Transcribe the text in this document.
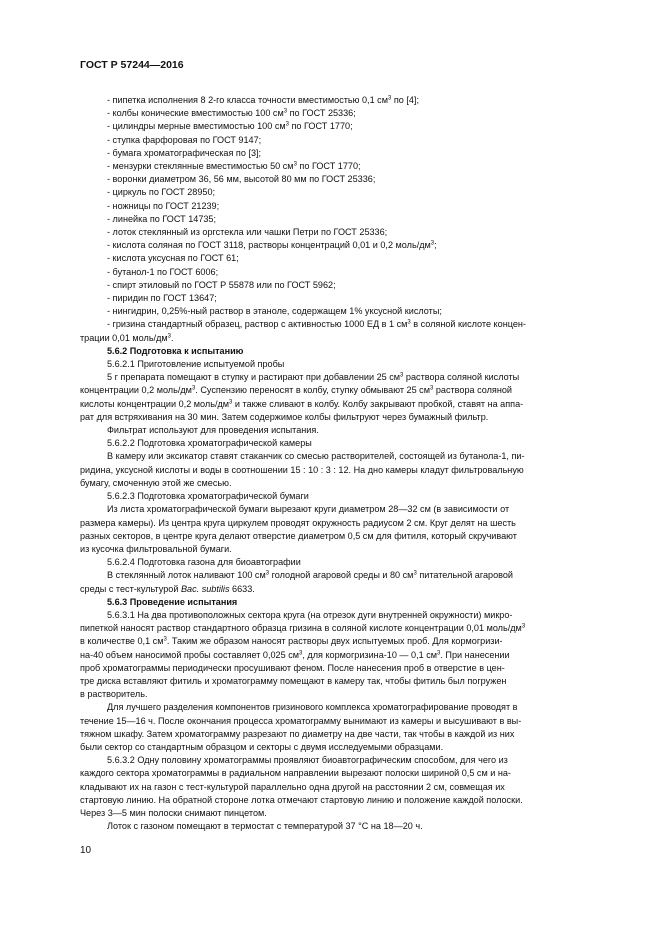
ГОСТ Р 57244—2016

- пипетка исполнения 8 2-го класса точности вместимостью 0,1 $см^3$ по [4];

- колбы конические вместимостью 100 $см^3$ по ГОСТ 25336;

- цилиндры мерные вместимостью 100 $см^3$ по ГОСТ 1770;

- ступка фарфоровая по ГОСТ 9147;

- бумага хроматографическая по [3];

- мензурки стеклянные вместимостью 50 $см^3$ по ГОСТ 1770;

- воронки диаметром 36, 56 мм, высотой 80 мм по ГОСТ 25336;

- циркуль по ГОСТ 28950;

- ножницы по ГОСТ 21239;

- линейка по ГОСТ 14735;

- лоток стеклянный из оргстекла или чашки Петри по ГОСТ 25336;

- кислота соляная по ГОСТ 3118, растворы концентраций 0,01 и 0,2 моль/$дм^3$;

- кислота уксусная по ГОСТ 61;

- бутанол-1 по ГОСТ 6006;

- спирт этиловый по ГОСТ Р 55878 или по ГОСТ 5962;

- пиридин по ГОСТ 13647;

- нингидрин, 0,25%-ный раствор в этаноле, содержащем 1% уксусной кислоты;

- гризина стандартный образец, раствор с активностью 1000 ЕД в 1 $см^3$ в соляной кислоте концен-
трации 0,01 моль/$дм^3$.

5.6.2 Подготовка к испытанию

5.6.2.1 Приготовление испытуемой пробы

5 г препарата помещают в ступку и растирают при добавлении 25 $см^3$ раствора соляной кислоты
концентрации 0,2 моль/$дм^3$. Суспензию переносят в колбу, ступку обмывают 25 $см^3$ раствора соляной
кислоты концентрации 0,2 моль/$дм^3$ и также сливают в колбу. Колбу закрывают пробкой, ставят на аппа-
рат для встряхивания на 30 мин. Затем содержимое колбы фильтруют через бумажный фильтр.

Фильтрат используют для проведения испытания.

5.6.2.2 Подготовка хроматографической камеры

В камеру или эксикатор ставят стаканчик со смесью растворителей, состоящей из бутанола-1, пи-
ридина, уксусной кислоты и воды в соотношении 15 : 10 : 3 : 12. На дно камеры кладут фильтровальную
бумагу, смоченную этой же смесью.

5.6.2.3 Подготовка хроматографической бумаги

Из листа хроматографической бумаги вырезают круги диаметром 28—32 см (в зависимости от
размера камеры). Из центра круга циркулем проводят окружность радиусом 2 см. Круг делят на шесть
разных секторов, в центре круга делают отверстие диаметром 0,5 см для фитиля, который скручивают
из кусочка фильтровальной бумаги.

5.6.2.4 Подготовка газона для биоавтографии

В стеклянный лоток наливают 100 $см^3$ голодной агаровой среды и 80 $см^3$ питательной агаровой
среды с тест-культурой Bac. subtilis 6633.

5.6.3 Проведение испытания

5.6.3.1 На два противоположных сектора круга (на отрезок дуги внутренней окружности) микро-
пипеткой наносят раствор стандартного образца гризина в соляной кислоте концентрации 0,01 моль/$дм^3$
в количестве 0,1 $см^3$. Таким же образом наносят растворы двух испытуемых проб. Для кормогризи-
на-40 объем наносимой пробы составляет 0,025 $см^3$, для кормогризина-10 — 0,1 $см^3$. При нанесении
проб хроматограммы периодически просушивают феном. После нанесения проб в отверстие в цен-
тре диска вставляют фитиль и хроматограмму помещают в камеру так, чтобы фитиль был погружен
в растворитель.

Для лучшего разделения компонентов гризинового комплекса хроматографирование проводят в
течение 15—16 ч. После окончания процесса хроматограмму вынимают из камеры и высушивают в вы-
тяжном шкафу. Затем хроматограмму разрезают по диаметру на две части, так чтобы в каждой из них
были сектор со стандартным образцом и секторы с двумя исследуемыми образцами.

5.6.3.2 Одну половину хроматограммы проявляют биоавтографическим способом, для чего из
каждого сектора хроматограммы в радиальном направлении вырезают полоски шириной 0,5 см и на-
кладывают их на газон с тест-культурой параллельно одна другой на расстоянии 2 см, совмещая их
стартовую линию. На обратной стороне лотка отмечают стартовую линию и положение каждой полоски.
Через 3—5 мин полоски снимают пинцетом.

Лоток с газоном помещают в термостат с температурой 37 °С на 18—20 ч.

10
